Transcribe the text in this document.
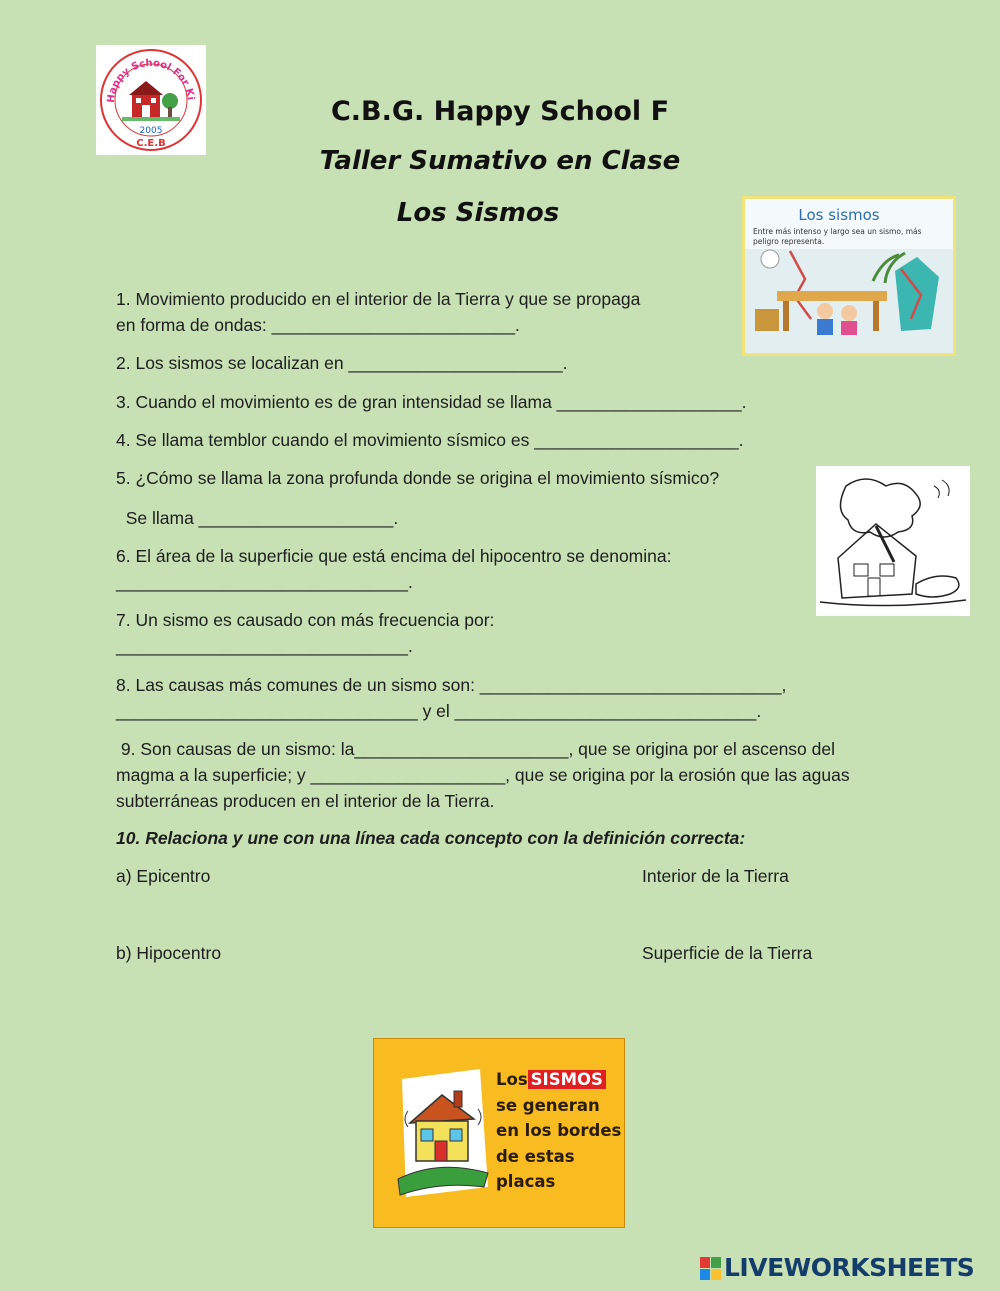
Happy School For Ki
2005
C.E.B
C.B.G. Happy School F
Taller Sumativo en Clase
Los Sismos	Los sismos
Entre más intenso y largo sea un sismo, más
peligro representa.
1. Movimiento producido en el interior de la Tierra y que se propaga
en forma de ondas: _________________________.
2. Los sismos se localizan en ______________________.
3. Cuando el movimiento es de gran intensidad se llama ___________________.
4. Se llama temblor cuando el movimiento sísmico es _____________________.
5. ¿Cómo se llama la zona profunda donde se origina el movimiento sísmico?
Se llama ____________________.
6. El área de la superficie que está encima del hipocentro se denomina:
______________________________.
7. Un sismo es causado con más frecuencia por:
______________________________.
8. Las causas más comunes de un sismo son: _______________________________,
_______________________________ y el _______________________________.
9. Son causas de un sismo: la______________________, que se origina por el ascenso del
magma a la superficie; y ____________________, que se origina por la erosión que las aguas
subterráneas producen en el interior de la Tierra.
10. Relaciona y une con una línea cada concepto con la definición correcta:
a) Epicentro	Interior de la Tierra
b) Hipocentro	Superficie de la Tierra
Los SISMOS
se generan
en los bordes
de estas
placas
LIVEWORKSHEETS
